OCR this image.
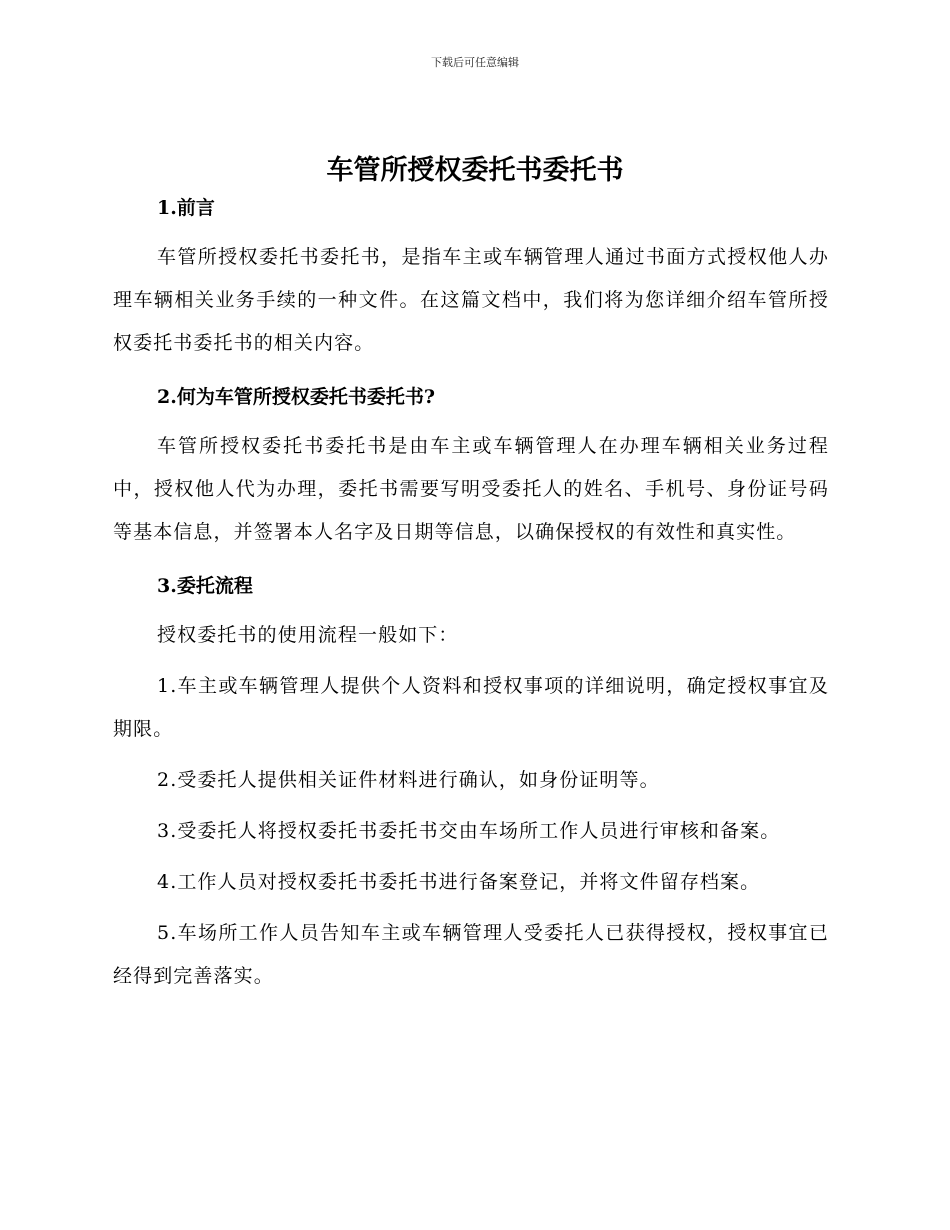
下载后可任意编辑
车管所授权委托书委托书

1.前言

车管所授权委托书委托书，是指车主或车辆管理人通过书面方式授权他人办理车辆相关业务手续的一种文件。在这篇文档中，我们将为您详细介绍车管所授权委托书委托书的相关内容。

2.何为车管所授权委托书委托书?

车管所授权委托书委托书是由车主或车辆管理人在办理车辆相关业务过程中，授权他人代为办理，委托书需要写明受委托人的姓名、手机号、身份证号码等基本信息，并签署本人名字及日期等信息，以确保授权的有效性和真实性。

3.委托流程

授权委托书的使用流程一般如下：

1.车主或车辆管理人提供个人资料和授权事项的详细说明，确定授权事宜及期限。

2.受委托人提供相关证件材料进行确认，如身份证明等。

3.受委托人将授权委托书委托书交由车场所工作人员进行审核和备案。

4.工作人员对授权委托书委托书进行备案登记，并将文件留存档案。

5.车场所工作人员告知车主或车辆管理人受委托人已获得授权，授权事宜已经得到完善落实。
